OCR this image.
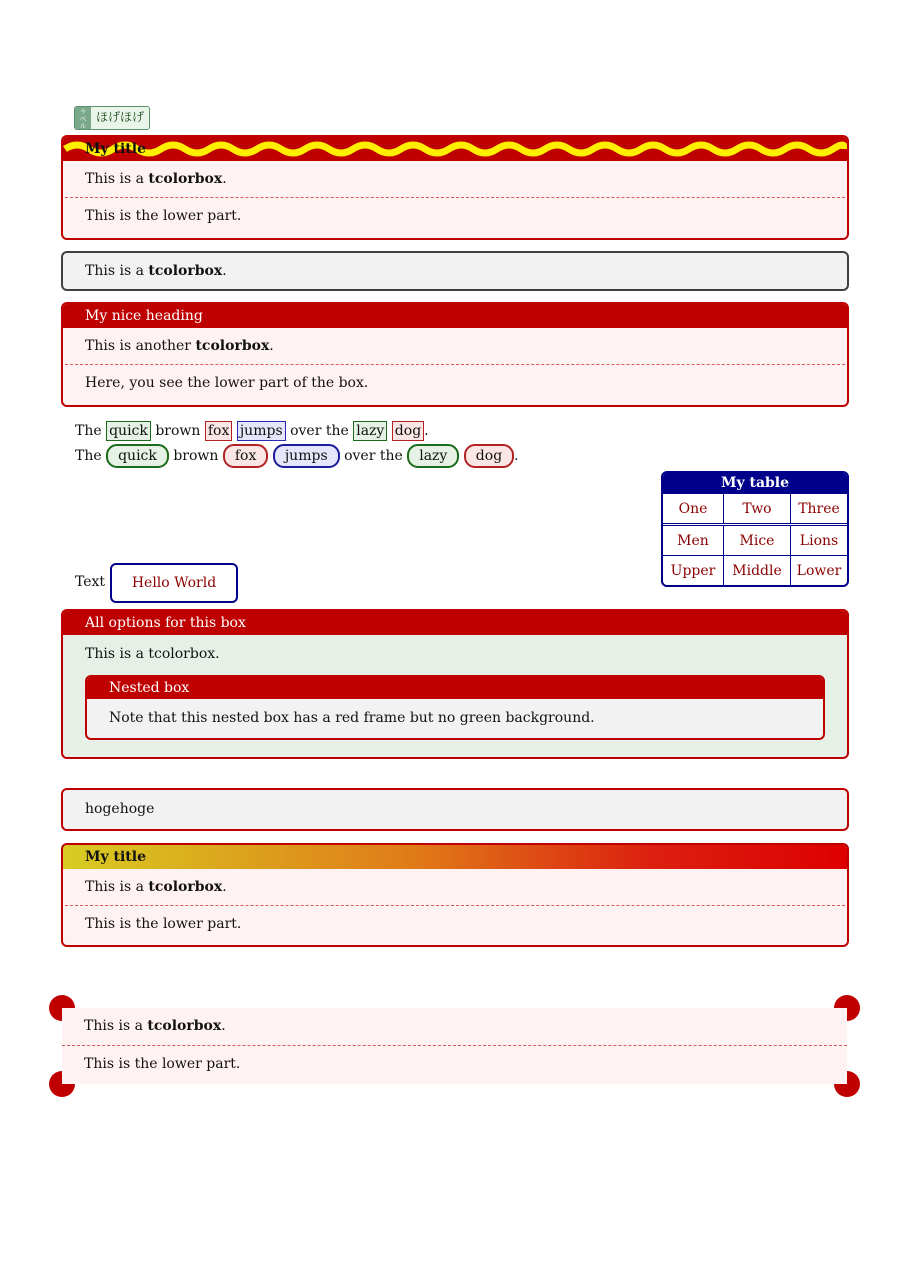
ラベル ほげほげ
My title
This is a tcolorbox.
This is the lower part.
This is a tcolorbox.
My nice heading
This is another tcolorbox.
Here, you see the lower part of the box.
The quick brown fox jumps over the lazy dog .
The quick brown fox jumps over the lazy dog .
My table
One	Two	Three
Men	Mice	Lions
Upper	Middle	Lower
Text	Hello World
All options for this box
This is a tcolorbox.
Nested box
Note that this nested box has a red frame but no green background.
hogehoge
My title
This is a tcolorbox.
This is the lower part.
This is a tcolorbox.
This is the lower part.
